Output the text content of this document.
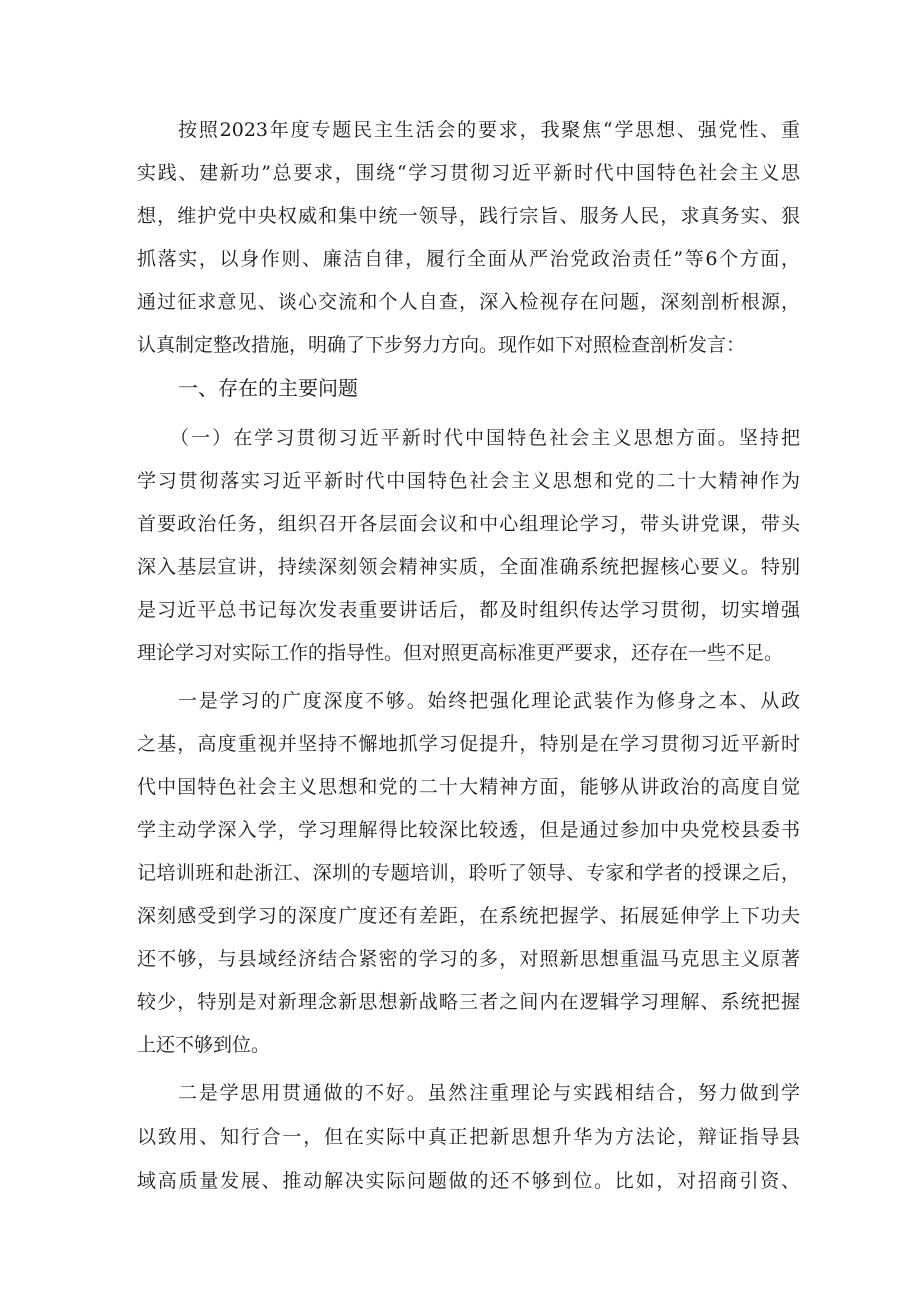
按照2023年度专题民主生活会的要求，我聚焦“学思想、强党性、重
实践、建新功”总要求，围绕“学习贯彻习近平新时代中国特色社会主义思
想，维护党中央权威和集中统一领导，践行宗旨、服务人民，求真务实、狠
抓落实，以身作则、廉洁自律，履行全面从严治党政治责任”等6个方面，
通过征求意见、谈心交流和个人自查，深入检视存在问题，深刻剖析根源，
认真制定整改措施，明确了下步努力方向。现作如下对照检查剖析发言：
一、存在的主要问题
（一）在学习贯彻习近平新时代中国特色社会主义思想方面。坚持把
学习贯彻落实习近平新时代中国特色社会主义思想和党的二十大精神作为
首要政治任务，组织召开各层面会议和中心组理论学习，带头讲党课，带头
深入基层宣讲，持续深刻领会精神实质，全面准确系统把握核心要义。特别
是习近平总书记每次发表重要讲话后，都及时组织传达学习贯彻，切实增强
理论学习对实际工作的指导性。但对照更高标准更严要求，还存在一些不足。
一是学习的广度深度不够。始终把强化理论武装作为修身之本、从政
之基，高度重视并坚持不懈地抓学习促提升，特别是在学习贯彻习近平新时
代中国特色社会主义思想和党的二十大精神方面，能够从讲政治的高度自觉
学主动学深入学，学习理解得比较深比较透，但是通过参加中央党校县委书
记培训班和赴浙江、深圳的专题培训，聆听了领导、专家和学者的授课之后，
深刻感受到学习的深度广度还有差距，在系统把握学、拓展延伸学上下功夫
还不够，与县域经济结合紧密的学习的多，对照新思想重温马克思主义原著
较少，特别是对新理念新思想新战略三者之间内在逻辑学习理解、系统把握
上还不够到位。
二是学思用贯通做的不好。虽然注重理论与实践相结合，努力做到学
以致用、知行合一，但在实际中真正把新思想升华为方法论，辩证指导县
域高质量发展、推动解决实际问题做的还不够到位。比如，对招商引资、
